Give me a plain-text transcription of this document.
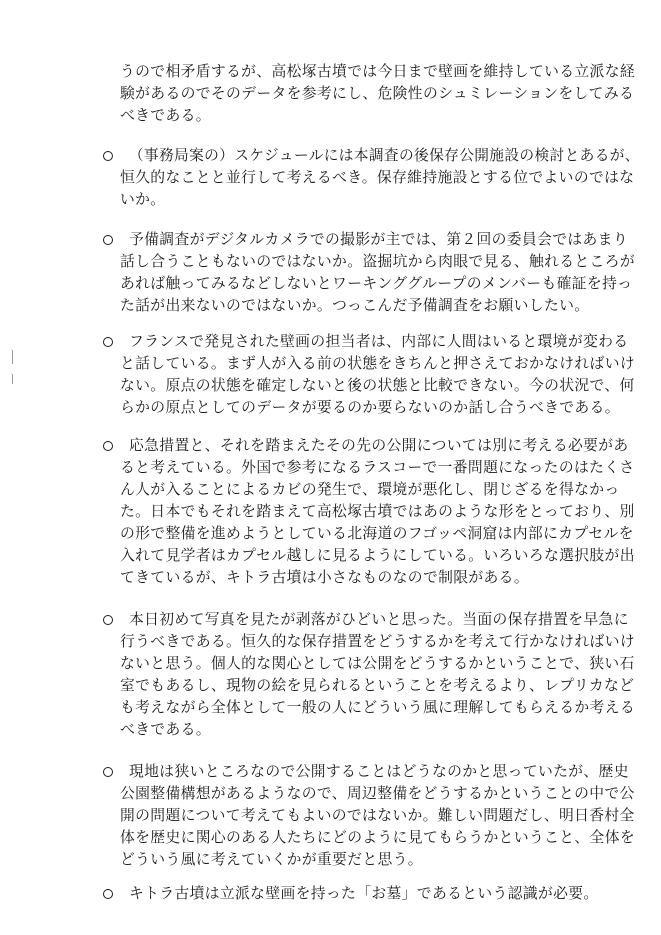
うので相矛盾するが、高松塚古墳では今日まで壁画を維持している立派な経
験があるのでそのデータを参考にし、危険性のシュミレーションをしてみる
べきである。
（事務局案の）スケジュールには本調査の後保存公開施設の検討とあるが、
恒久的なことと並行して考えるべき。保存維持施設とする位でよいのではな
いか。
予備調査がデジタルカメラでの撮影が主では、第２回の委員会ではあまり
話し合うこともないのではないか。盗掘坑から肉眼で見る、触れるところが
あれば触ってみるなどしないとワーキンググループのメンバーも確証を持っ
た話が出来ないのではないか。つっこんだ予備調査をお願いしたい。
フランスで発見された壁画の担当者は、内部に人間はいると環境が変わる
と話している。まず人が入る前の状態をきちんと押さえておかなければいけ
ない。原点の状態を確定しないと後の状態と比較できない。今の状況で、何
らかの原点としてのデータが要るのか要らないのか話し合うべきである。
応急措置と、それを踏まえたその先の公開については別に考える必要があ
ると考えている。外国で参考になるラスコーで一番問題になったのはたくさ
ん人が入ることによるカビの発生で、環境が悪化し、閉じざるを得なかっ
た。日本でもそれを踏まえて高松塚古墳ではあのような形をとっており、別
の形で整備を進めようとしている北海道のフゴッペ洞窟は内部にカプセルを
入れて見学者はカプセル越しに見るようにしている。いろいろな選択肢が出
てきているが、キトラ古墳は小さなものなので制限がある。
本日初めて写真を見たが剥落がひどいと思った。当面の保存措置を早急に
行うべきである。恒久的な保存措置をどうするかを考えて行かなければいけ
ないと思う。個人的な関心としては公開をどうするかということで、狭い石
室でもあるし、現物の絵を見られるということを考えるより、レプリカなど
も考えながら全体として一般の人にどういう風に理解してもらえるか考える
べきである。
現地は狭いところなので公開することはどうなのかと思っていたが、歴史
公園整備構想があるようなので、周辺整備をどうするかということの中で公
開の問題について考えてもよいのではないか。難しい問題だし、明日香村全
体を歴史に関心のある人たちにどのように見てもらうかということ、全体を
どういう風に考えていくかが重要だと思う。
キトラ古墳は立派な壁画を持った「お墓」であるという認識が必要。
